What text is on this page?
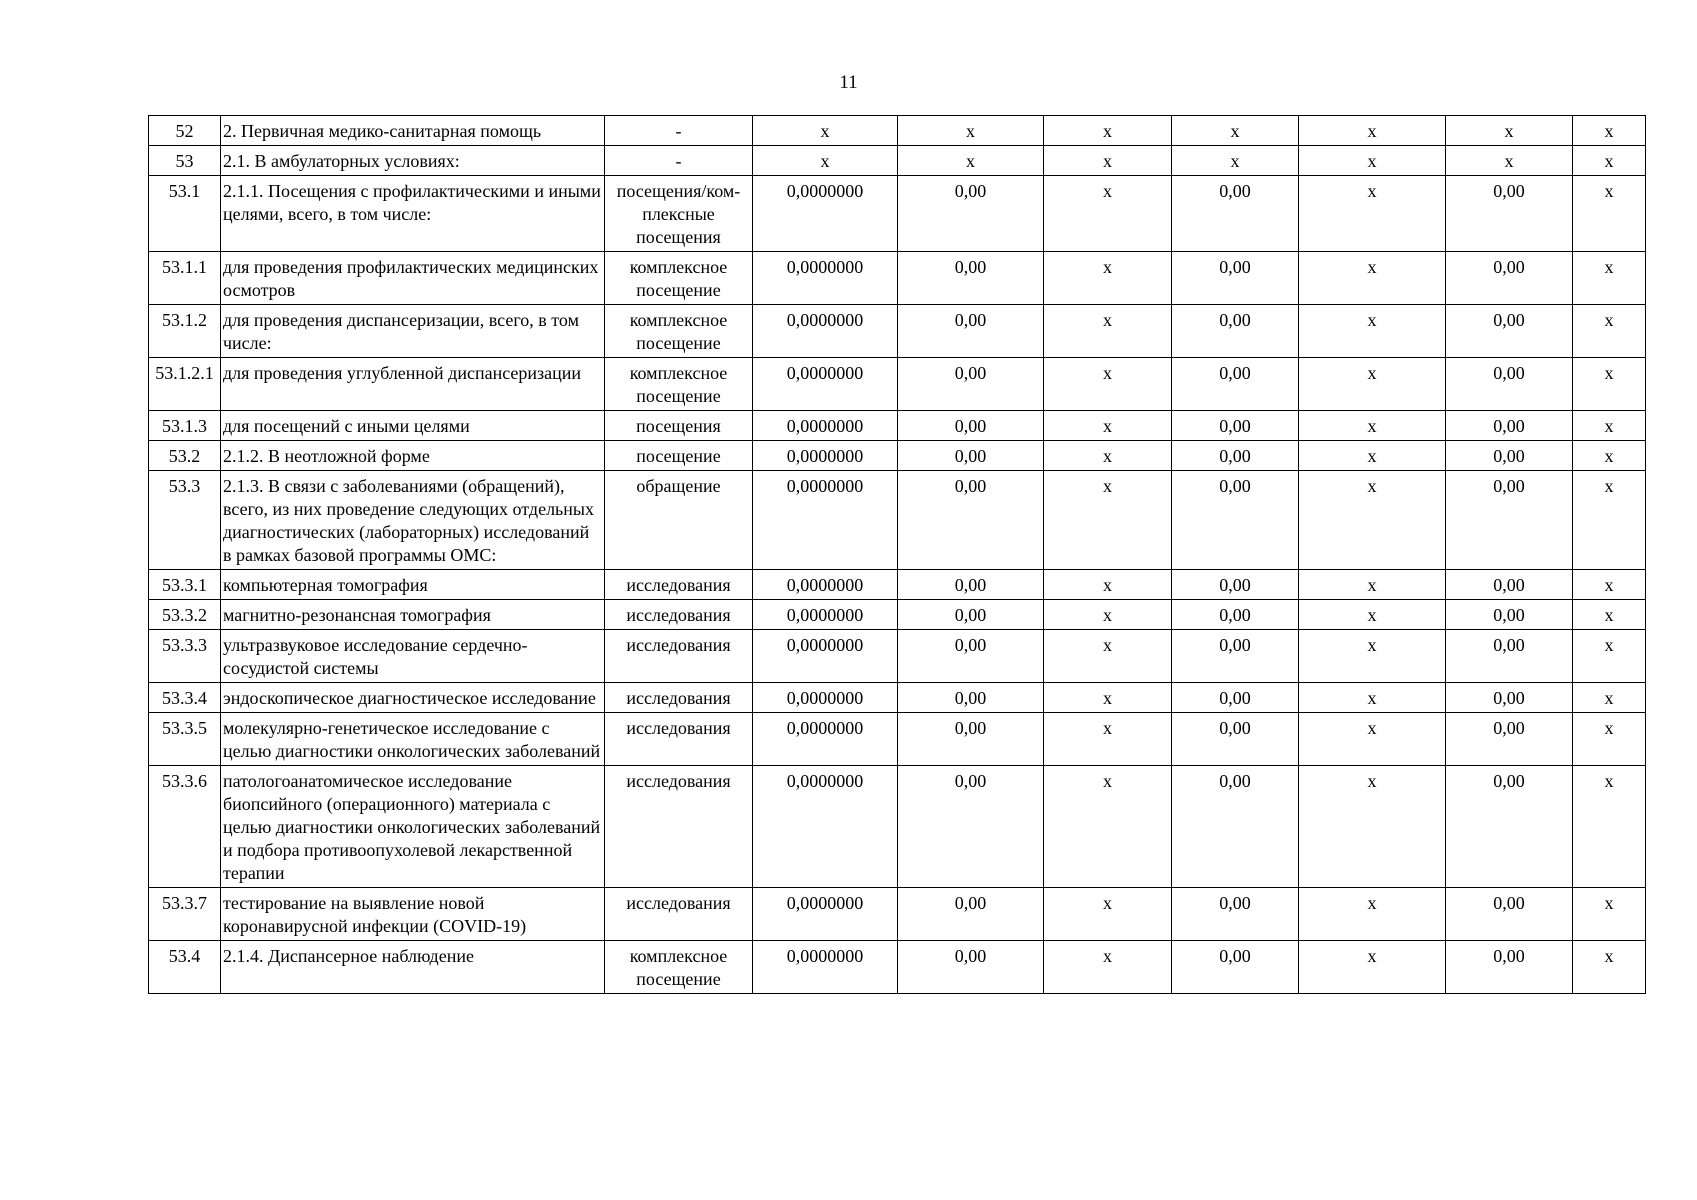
11
52	2. Первичная медико-санитарная помощь	-	х	х	х	х	х	х	х
53	2.1. В амбулаторных условиях:	-	х	х	х	х	х	х	х
53.1	2.1.1. Посещения с профилактическими и иными целями, всего, в том числе:	посещения/ком-плексные посещения	0,0000000	0,00	х	0,00	х	0,00	х
53.1.1	для проведения профилактических медицинских осмотров	комплексное посещение	0,0000000	0,00	х	0,00	х	0,00	х
53.1.2	для проведения диспансеризации, всего, в том числе:	комплексное посещение	0,0000000	0,00	х	0,00	х	0,00	х
53.1.2.1	для проведения углубленной диспансеризации	комплексное посещение	0,0000000	0,00	х	0,00	х	0,00	х
53.1.3	для посещений с иными целями	посещения	0,0000000	0,00	х	0,00	х	0,00	х
53.2	2.1.2. В неотложной форме	посещение	0,0000000	0,00	х	0,00	х	0,00	х
53.3	2.1.3. В связи с заболеваниями (обращений), всего, из них проведение следующих отдельных диагностических (лабораторных) исследований в рамках базовой программы ОМС:	обращение	0,0000000	0,00	х	0,00	х	0,00	х
53.3.1	компьютерная томография	исследования	0,0000000	0,00	х	0,00	х	0,00	х
53.3.2	магнитно-резонансная томография	исследования	0,0000000	0,00	х	0,00	х	0,00	х
53.3.3	ультразвуковое исследование сердечно-сосудистой системы	исследования	0,0000000	0,00	х	0,00	х	0,00	х
53.3.4	эндоскопическое диагностическое исследование	исследования	0,0000000	0,00	х	0,00	х	0,00	х
53.3.5	молекулярно-генетическое исследование с целью диагностики онкологических заболеваний	исследования	0,0000000	0,00	х	0,00	х	0,00	х
53.3.6	патологоанатомическое исследование биопсийного (операционного) материала с целью диагностики онкологических заболеваний и подбора противоопухолевой лекарственной терапии	исследования	0,0000000	0,00	х	0,00	х	0,00	х
53.3.7	тестирование на выявление новой коронавирусной инфекции (COVID-19)	исследования	0,0000000	0,00	х	0,00	х	0,00	х
53.4	2.1.4. Диспансерное наблюдение	комплексное посещение	0,0000000	0,00	х	0,00	х	0,00	х
